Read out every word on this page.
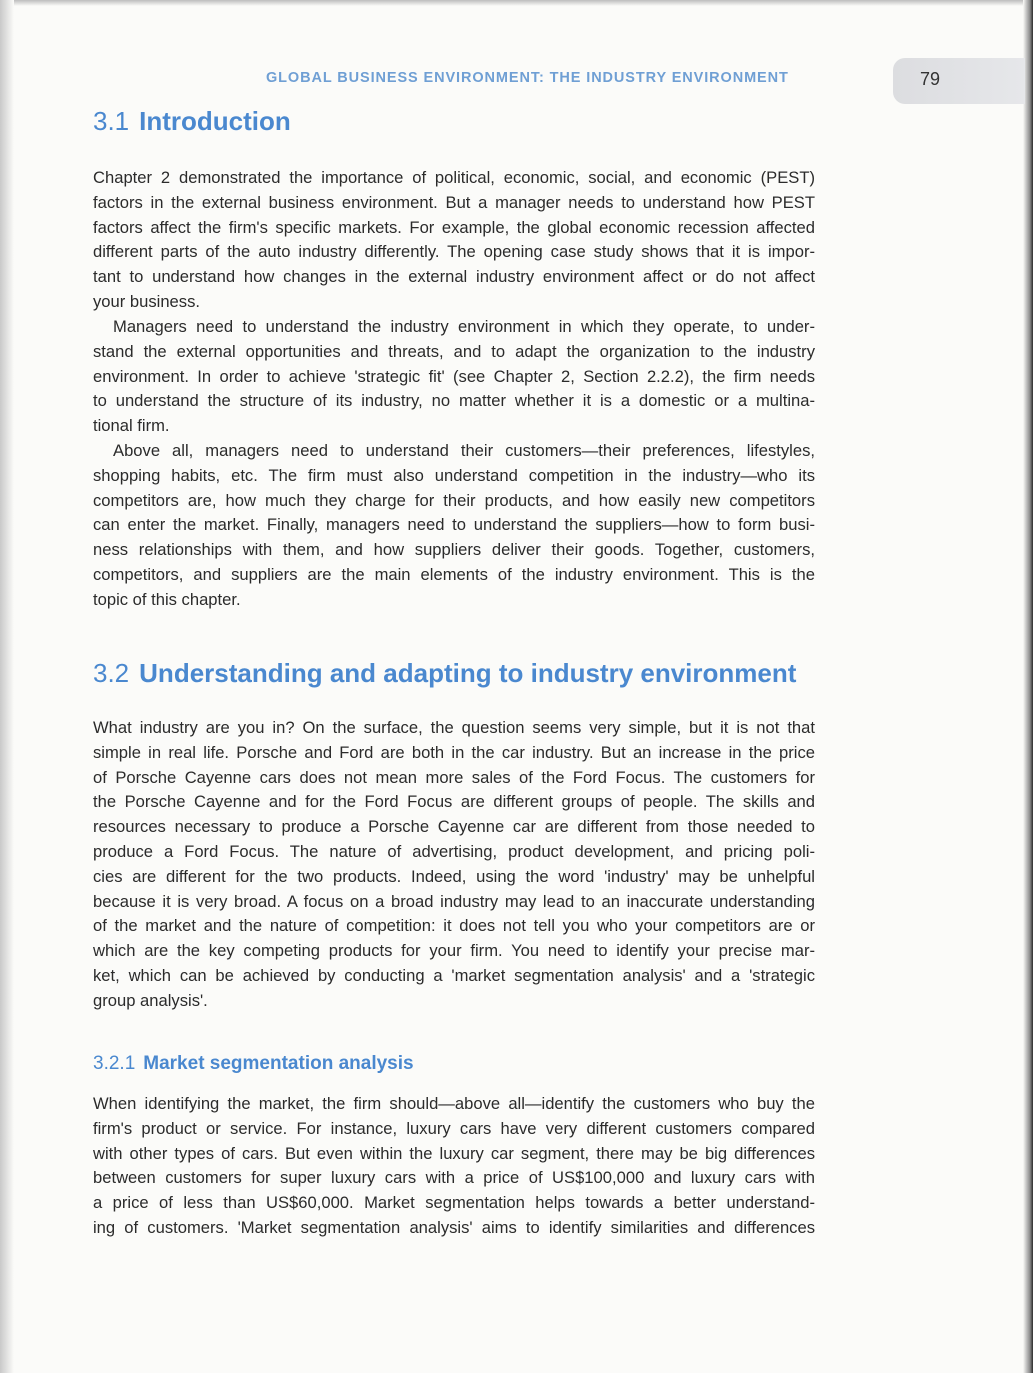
GLOBAL BUSINESS ENVIRONMENT: THE INDUSTRY ENVIRONMENT	79
3.1 Introduction
Chapter 2 demonstrated the importance of political, economic, social, and economic (PEST)
factors in the external business environment. But a manager needs to understand how PEST
factors affect the firm's specific markets. For example, the global economic recession affected
different parts of the auto industry differently. The opening case study shows that it is impor-
tant to understand how changes in the external industry environment affect or do not affect
your business.
Managers need to understand the industry environment in which they operate, to under-
stand the external opportunities and threats, and to adapt the organization to the industry
environment. In order to achieve 'strategic fit' (see Chapter 2, Section 2.2.2), the firm needs
to understand the structure of its industry, no matter whether it is a domestic or a multina-
tional firm.
Above all, managers need to understand their customers—their preferences, lifestyles,
shopping habits, etc. The firm must also understand competition in the industry—who its
competitors are, how much they charge for their products, and how easily new competitors
can enter the market. Finally, managers need to understand the suppliers—how to form busi-
ness relationships with them, and how suppliers deliver their goods. Together, customers,
competitors, and suppliers are the main elements of the industry environment. This is the
topic of this chapter.
3.2 Understanding and adapting to industry environment
What industry are you in? On the surface, the question seems very simple, but it is not that
simple in real life. Porsche and Ford are both in the car industry. But an increase in the price
of Porsche Cayenne cars does not mean more sales of the Ford Focus. The customers for
the Porsche Cayenne and for the Ford Focus are different groups of people. The skills and
resources necessary to produce a Porsche Cayenne car are different from those needed to
produce a Ford Focus. The nature of advertising, product development, and pricing poli-
cies are different for the two products. Indeed, using the word 'industry' may be unhelpful
because it is very broad. A focus on a broad industry may lead to an inaccurate understanding
of the market and the nature of competition: it does not tell you who your competitors are or
which are the key competing products for your firm. You need to identify your precise mar-
ket, which can be achieved by conducting a 'market segmentation analysis' and a 'strategic
group analysis'.
3.2.1 Market segmentation analysis
When identifying the market, the firm should—above all—identify the customers who buy the
firm's product or service. For instance, luxury cars have very different customers compared
with other types of cars. But even within the luxury car segment, there may be big differences
between customers for super luxury cars with a price of US$100,000 and luxury cars with
a price of less than US$60,000. Market segmentation helps towards a better understand-
ing of customers. 'Market segmentation analysis' aims to identify similarities and differences
